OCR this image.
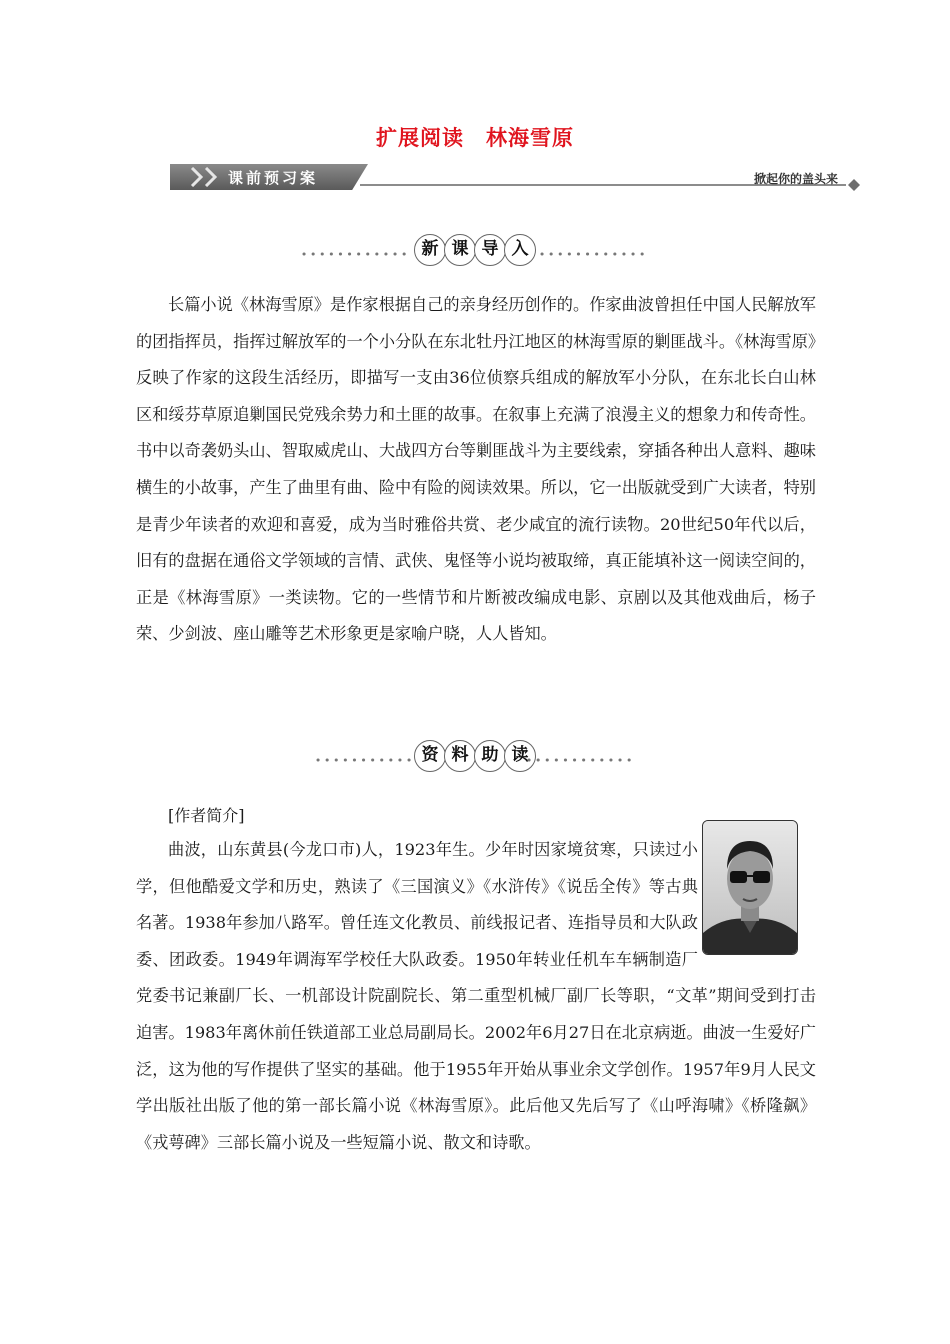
扩展阅读 林海雪原
课前预习案	掀起你的盖头来
新 课 导 入

长篇小说《林海雪原》是作家根据自己的亲身经历创作的。作家曲波曾担任中国人民解放军的团指挥员，指挥过解放军的一个小分队在东北牡丹江地区的林海雪原的剿匪战斗。《林海雪原》反映了作家的这段生活经历，即描写一支由36位侦察兵组成的解放军小分队，在东北长白山林区和绥芬草原追剿国民党残余势力和土匪的故事。在叙事上充满了浪漫主义的想象力和传奇性。书中以奇袭奶头山、智取威虎山、大战四方台等剿匪战斗为主要线索，穿插各种出人意料、趣味横生的小故事，产生了曲里有曲、险中有险的阅读效果。所以，它一出版就受到广大读者，特别是青少年读者的欢迎和喜爱，成为当时雅俗共赏、老少咸宜的流行读物。20世纪50年代以后，旧有的盘据在通俗文学领域的言情、武侠、鬼怪等小说均被取缔，真正能填补这一阅读空间的，正是《林海雪原》一类读物。它的一些情节和片断被改编成电影、京剧以及其他戏曲后，杨子荣、少剑波、座山雕等艺术形象更是家喻户晓，人人皆知。

资 料 助 读
[作者简介]
曲波，山东黄县(今龙口市)人，1923年生。少年时因家境贫寒，只读过小学，但他酷爱文学和历史，熟读了《三国演义》《水浒传》《说岳全传》等古典名著。1938年参加八路军。曾任连文化教员、前线报记者、连指导员和大队政委、团政委。1949年调海军学校任大队政委。1950年转业任机车车辆制造厂党委书记兼副厂长、一机部设计院副院长、第二重型机械厂副厂长等职，“文革”期间受到打击迫害。1983年离休前任铁道部工业总局副局长。2002年6月27日在北京病逝。曲波一生爱好广泛，这为他的写作提供了坚实的基础。他于1955年开始从事业余文学创作。1957年9月人民文学出版社出版了他的第一部长篇小说《林海雪原》。此后他又先后写了《山呼海啸》《桥隆飙》《戎萼碑》三部长篇小说及一些短篇小说、散文和诗歌。
